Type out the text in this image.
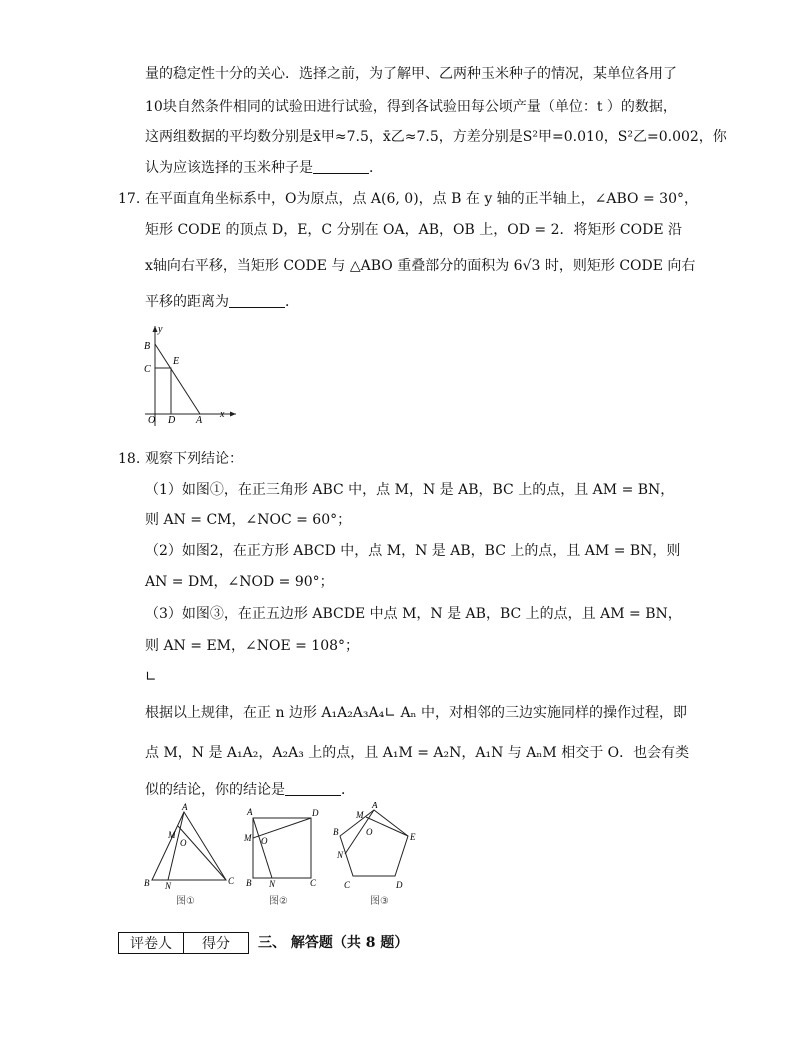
量的稳定性十分的关心．选择之前，为了解甲、乙两种玉米种子的情况，某单位各用了
10块自然条件相同的试验田进行试验，得到各试验田每公顷产量（单位：t ）的数据，
这两组数据的平均数分别是x̄甲≈7.5，x̄乙≈7.5，方差分别是S²甲=0.010，S²乙=0.002，你
认为应该选择的玉米种子是	．
17. 在平面直角坐标系中，O为原点，点 A(6, 0)，点 B 在 y 轴的正半轴上，∠ABO = 30°，
矩形 CODE 的顶点 D，E，C 分别在 OA，AB，OB 上，OD = 2．将矩形 CODE 沿
x轴向右平移，当矩形 CODE 与 △ABO 重叠部分的面积为 6√3 时，则矩形 CODE 向右
平移的距离为	．
y
B
C
E
O D A
x
18. 观察下列结论：
（1）如图①，在正三角形 ABC 中，点 M，N 是 AB，BC 上的点，且 AM = BN，
则 AN = CM，∠NOC = 60°；
（2）如图2，在正方形 ABCD 中，点 M，N 是 AB，BC 上的点，且 AM = BN，则
AN = DM，∠NOD = 90°；
（3）如图③，在正五边形 ABCDE 中点 M，N 是 AB，BC 上的点，且 AM = BN，
则 AN = EM，∠NOE = 108°；
∟
根据以上规律，在正 n 边形 A₁A₂A₃A₄∟ Aₙ 中，对相邻的三边实施同样的操作过程，即
点 M，N 是 A₁A₂，A₂A₃ 上的点，且 A₁M = A₂N，A₁N 与 AₙM 相交于 O．也会有类
似的结论，你的结论是	．
A
M
O
B N	C
图①
A	D
M O
B N	C
图②
A
M
O
B	E
N
C	D
图③
评卷人	得分 三、 解答题（共 8 题）
